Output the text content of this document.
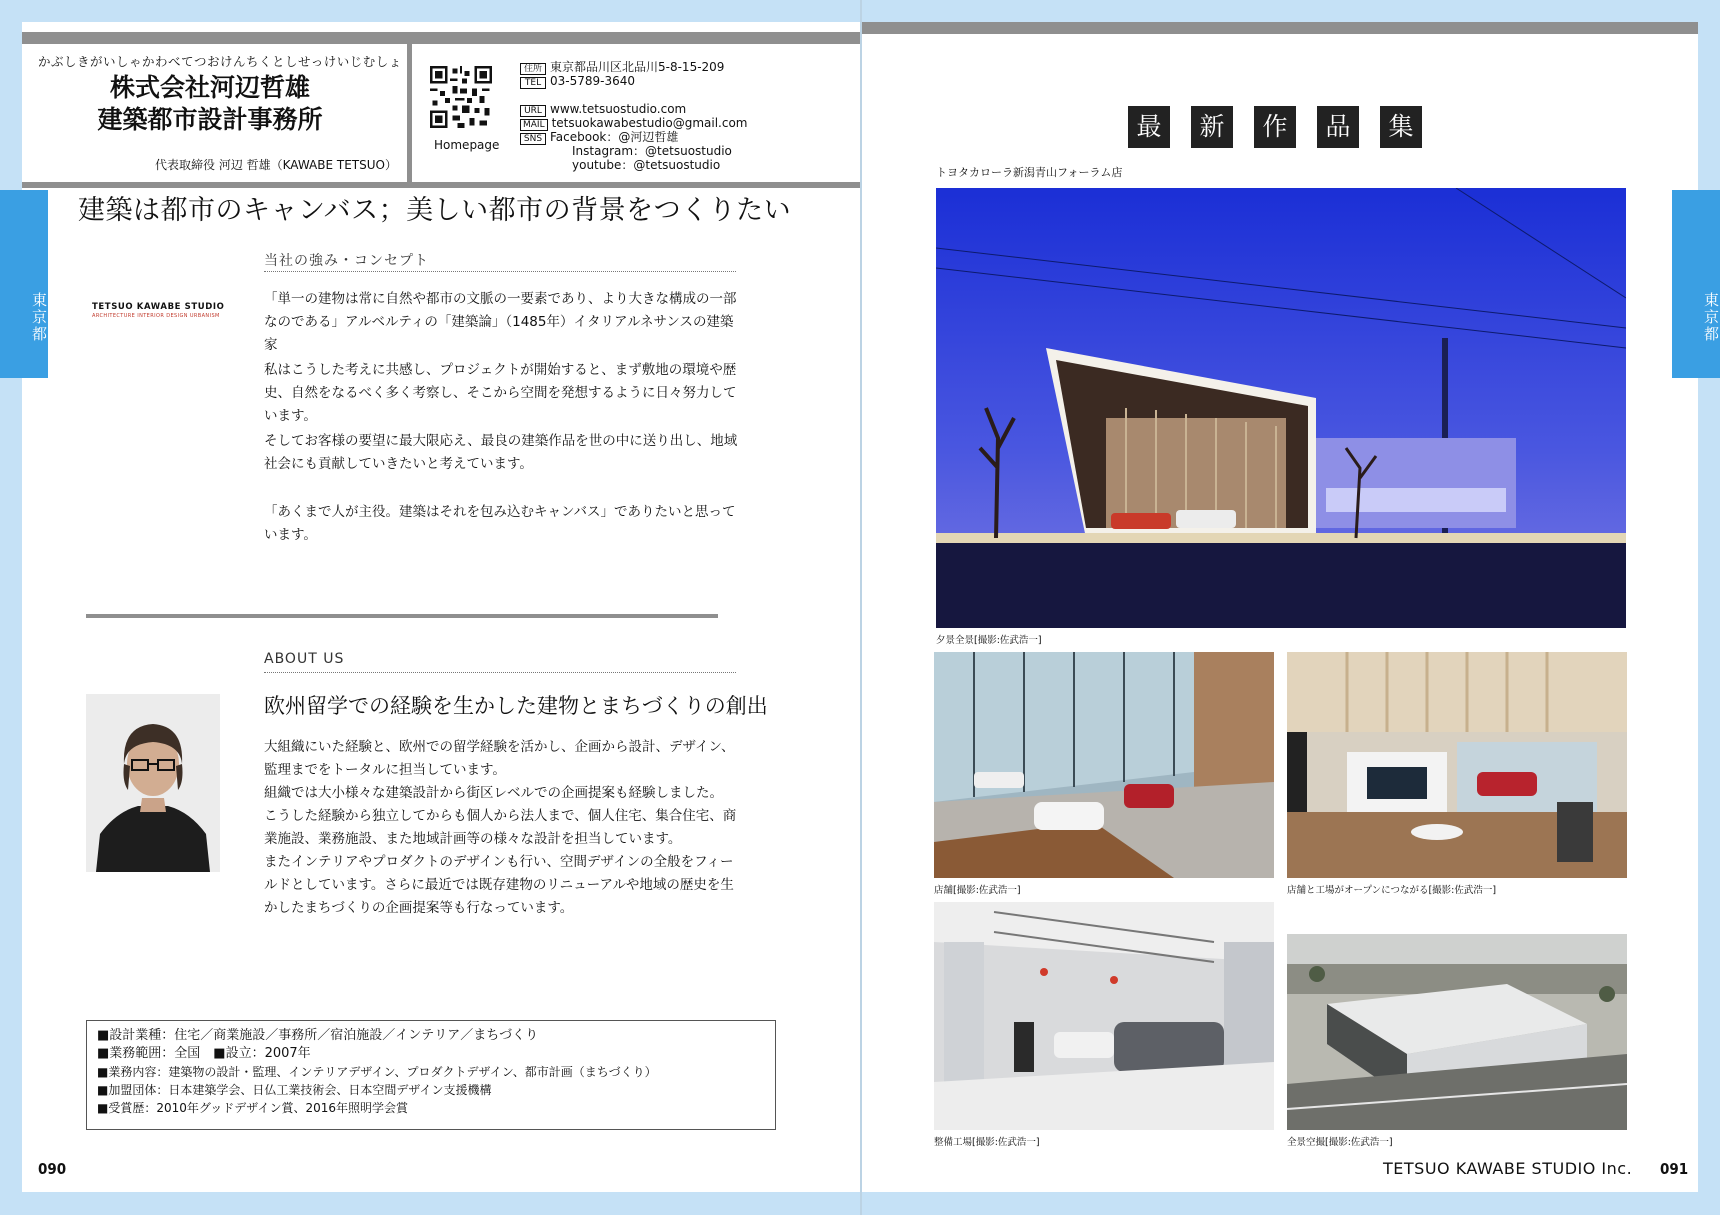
かぶしきがいしゃかわべてつおけんちくとしせっけいじむしょ
株式会社河辺哲雄
建築都市設計事務所
代表取締役 河辺 哲雄（KAWABE TETSUO）
Homepage
住所 東京都品川区北品川5-8-15-209
TEL 03-5789-3640
URL www.tetsuostudio.com
MAIL tetsuokawabestudio@gmail.com
SNS Facebook：@河辺哲雄
Instagram：@tetsuostudio
youtube：@tetsuostudio
建築は都市のキャンバス；美しい都市の背景をつくりたい
当社の強み・コンセプト
TETSUO KAWABE STUDIO
ARCHITECTURE INTERIOR DESIGN URBANISM
「単一の建物は常に自然や都市の文脈の一要素であり、より大きな構成の一部なのである」アルベルティの「建築論」（1485年）イタリアルネサンスの建築家
私はこうした考えに共感し、プロジェクトが開始すると、まず敷地の環境や歴史、自然をなるべく多く考察し、そこから空間を発想するように日々努力しています。
そしてお客様の要望に最大限応え、最良の建築作品を世の中に送り出し、地域社会にも貢献していきたいと考えています。
「あくまで人が主役。建築はそれを包み込むキャンバス」でありたいと思っています。
ABOUT US
欧州留学での経験を生かした建物とまちづくりの創出
大組織にいた経験と、欧州での留学経験を活かし、企画から設計、デザイン、監理までをトータルに担当しています。
組織では大小様々な建築設計から街区レベルでの企画提案も経験しました。
こうした経験から独立してからも個人から法人まで、個人住宅、集合住宅、商業施設、業務施設、また地域計画等の様々な設計を担当しています。
またインテリアやプロダクトのデザインも行い、空間デザインの全般をフィールドとしています。さらに最近では既存建物のリニューアルや地域の歴史を生かしたまちづくりの企画提案等も行なっています。
■設計業種：住宅／商業施設／事務所／宿泊施設／インテリア／まちづくり
■業務範囲：全国　■設立：2007年
■業務内容：建築物の設計・監理、インテリアデザイン、プロダクトデザイン、都市計画（まちづくり）
■加盟団体：日本建築学会、日仏工業技術会、日本空間デザイン支援機構
■受賞歴：2010年グッドデザイン賞、2016年照明学会賞
090
最	新	作	品	集
トヨタカローラ新潟青山フォーラム店
夕景全景[撮影:佐武浩一]
店舗[撮影:佐武浩一]	店舗と工場がオープンにつながる[撮影:佐武浩一]
整備工場[撮影:佐武浩一]	全景空撮[撮影:佐武浩一]
TETSUO KAWABE STUDIO Inc. 091
東京都	東京都
